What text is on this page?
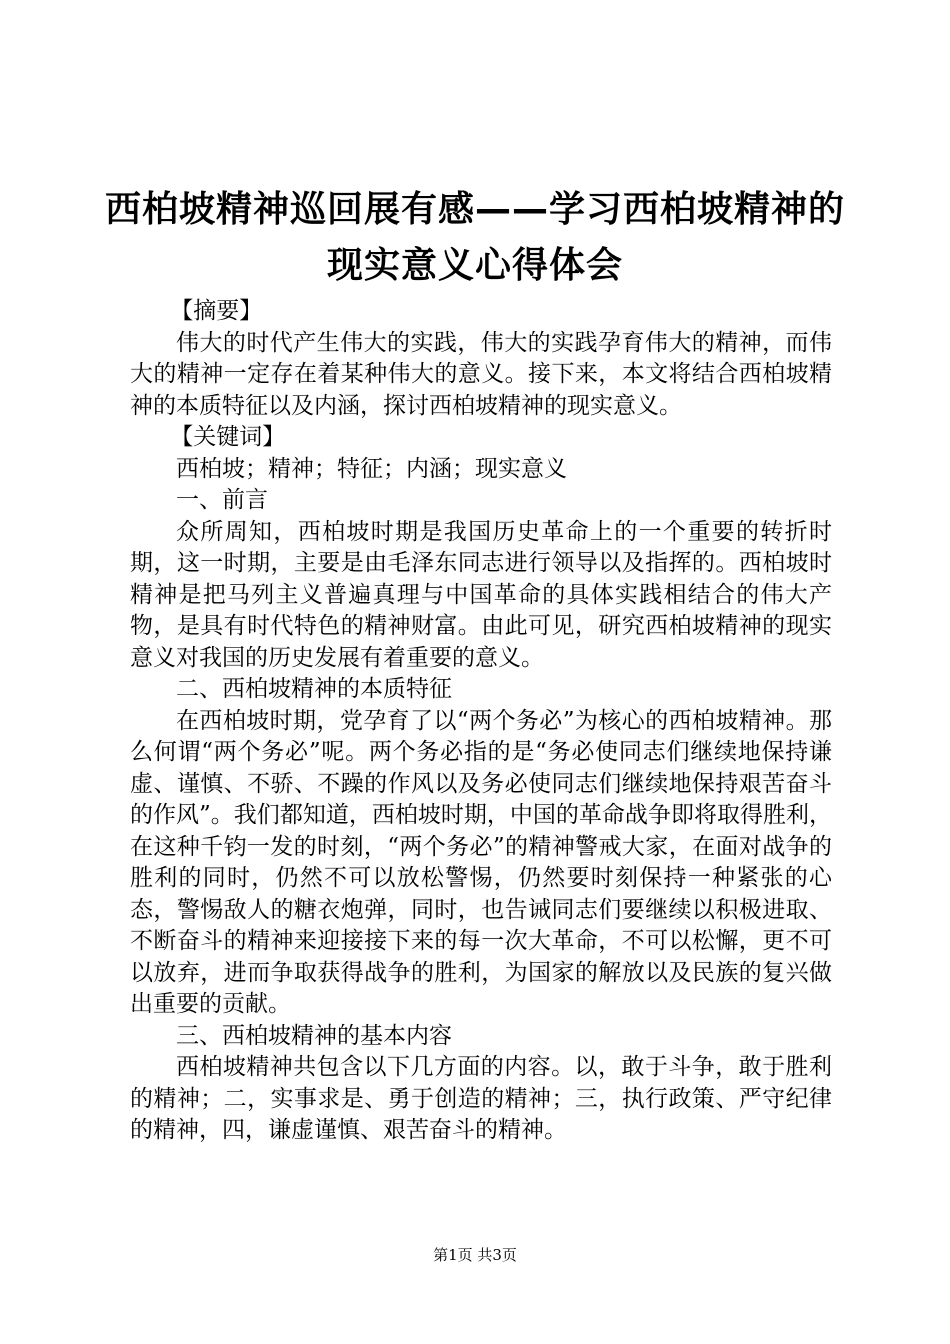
西柏坡精神巡回展有感——学习西柏坡精神的
现实意义心得体会

【摘要】

伟大的时代产生伟大的实践，伟大的实践孕育伟大的精神，而伟大的精神一定存在着某种伟大的意义。接下来，本文将结合西柏坡精神的本质特征以及内涵，探讨西柏坡精神的现实意义。

【关键词】

西柏坡；精神；特征；内涵；现实意义

一、前言

众所周知，西柏坡时期是我国历史革命上的一个重要的转折时期，这一时期，主要是由毛泽东同志进行领导以及指挥的。西柏坡时精神是把马列主义普遍真理与中国革命的具体实践相结合的伟大产物，是具有时代特色的精神财富。由此可见，研究西柏坡精神的现实意义对我国的历史发展有着重要的意义。

二、西柏坡精神的本质特征

在西柏坡时期，党孕育了以“两个务必”为核心的西柏坡精神。那么何谓“两个务必”呢。两个务必指的是“务必使同志们继续地保持谦虚、谨慎、不骄、不躁的作风以及务必使同志们继续地保持艰苦奋斗的作风”。我们都知道，西柏坡时期，中国的革命战争即将取得胜利，在这种千钧一发的时刻，“两个务必”的精神警戒大家，在面对战争的胜利的同时，仍然不可以放松警惕，仍然要时刻保持一种紧张的心态，警惕敌人的糖衣炮弹，同时，也告诫同志们要继续以积极进取、不断奋斗的精神来迎接接下来的每一次大革命，不可以松懈，更不可以放弃，进而争取获得战争的胜利，为国家的解放以及民族的复兴做出重要的贡献。

三、西柏坡精神的基本内容

西柏坡精神共包含以下几方面的内容。以，敢于斗争，敢于胜利的精神；二，实事求是、勇于创造的精神；三，执行政策、严守纪律的精神，四，谦虚谨慎、艰苦奋斗的精神。

第1页 共3页
